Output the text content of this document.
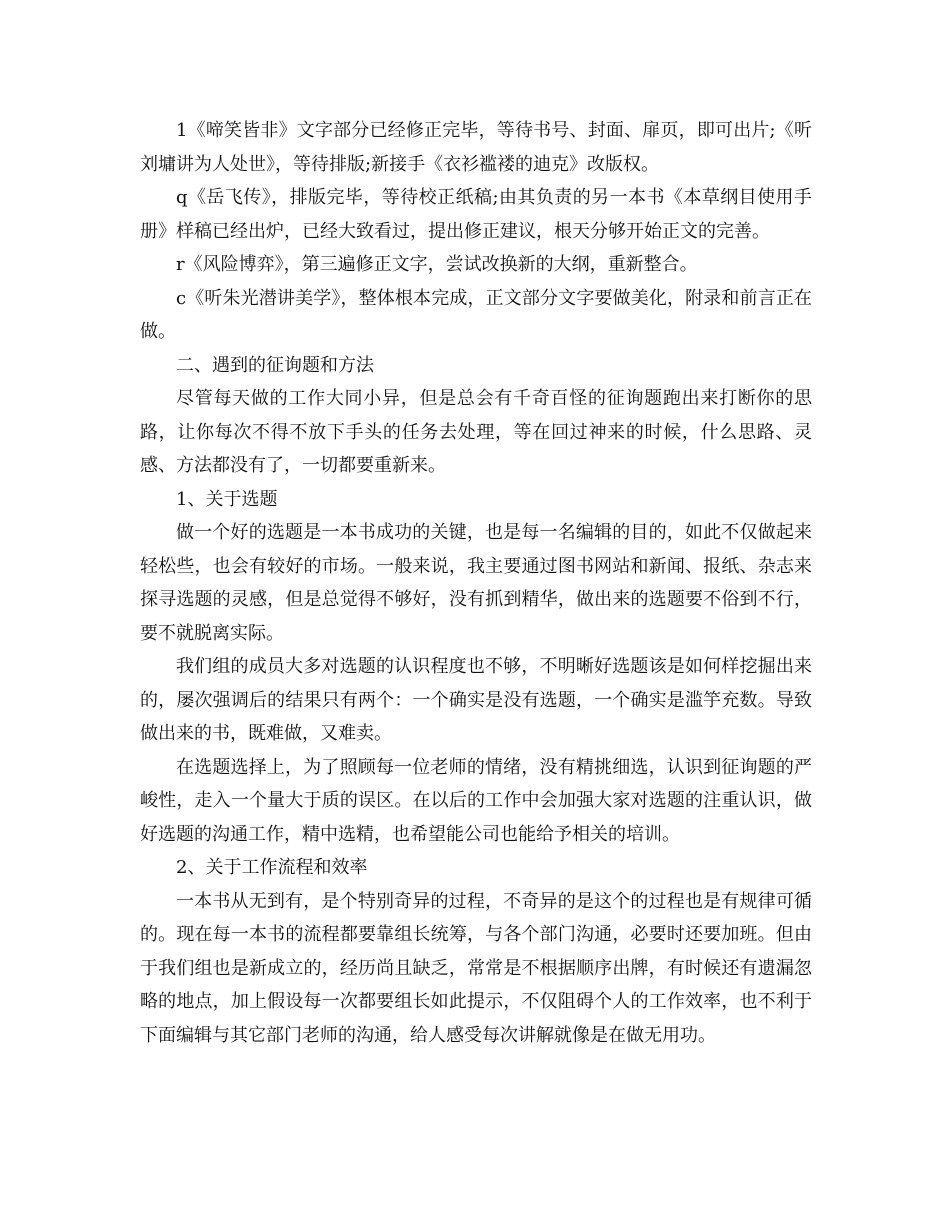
1《啼笑皆非》文字部分已经修正完毕，等待书号、封面、扉页，即可出片;《听刘墉讲为人处世》，等待排版;新接手《衣衫褴褛的迪克》改版权。

q《岳飞传》，排版完毕，等待校正纸稿;由其负责的另一本书《本草纲目使用手册》样稿已经出炉，已经大致看过，提出修正建议，根天分够开始正文的完善。

r《风险博弈》，第三遍修正文字，尝试改换新的大纲，重新整合。

c《听朱光潜讲美学》，整体根本完成，正文部分文字要做美化，附录和前言正在做。

二、遇到的征询题和方法

尽管每天做的工作大同小异，但是总会有千奇百怪的征询题跑出来打断你的思路，让你每次不得不放下手头的任务去处理，等在回过神来的时候，什么思路、灵感、方法都没有了，一切都要重新来。

1、关于选题

做一个好的选题是一本书成功的关键，也是每一名编辑的目的，如此不仅做起来轻松些，也会有较好的市场。一般来说，我主要通过图书网站和新闻、报纸、杂志来探寻选题的灵感，但是总觉得不够好，没有抓到精华，做出来的选题要不俗到不行，要不就脱离实际。

我们组的成员大多对选题的认识程度也不够，不明晰好选题该是如何样挖掘出来的，屡次强调后的结果只有两个：一个确实是没有选题，一个确实是滥竽充数。导致做出来的书，既难做，又难卖。

在选题选择上，为了照顾每一位老师的情绪，没有精挑细选，认识到征询题的严峻性，走入一个量大于质的误区。在以后的工作中会加强大家对选题的注重认识，做好选题的沟通工作，精中选精，也希望能公司也能给予相关的培训。

2、关于工作流程和效率

一本书从无到有，是个特别奇异的过程，不奇异的是这个的过程也是有规律可循的。现在每一本书的流程都要靠组长统筹，与各个部门沟通，必要时还要加班。但由于我们组也是新成立的，经历尚且缺乏，常常是不根据顺序出牌，有时候还有遗漏忽略的地点，加上假设每一次都要组长如此提示，不仅阻碍个人的工作效率，也不利于下面编辑与其它部门老师的沟通，给人感受每次讲解就像是在做无用功。
